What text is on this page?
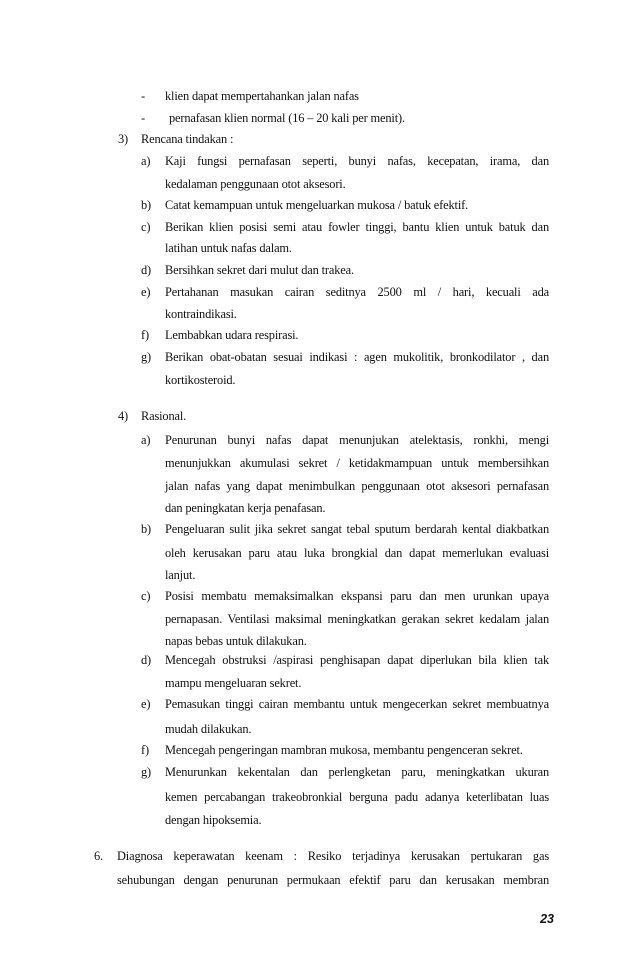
- klien dapat mempertahankan jalan nafas
- pernafasan klien normal (16 – 20 kali per menit).
3) Rencana tindakan :
a) Kaji fungsi pernafasan seperti, bunyi nafas, kecepatan, irama, dan
kedalaman penggunaan otot aksesori.
b) Catat kemampuan untuk mengeluarkan mukosa / batuk efektif.
c) Berikan klien posisi semi atau fowler tinggi, bantu klien untuk batuk dan
latihan untuk nafas dalam.
d) Bersihkan sekret dari mulut dan trakea.
e) Pertahanan masukan cairan seditnya 2500 ml / hari, kecuali ada
kontraindikasi.
f) Lembabkan udara respirasi.
g) Berikan obat-obatan sesuai indikasi : agen mukolitik, bronkodilator , dan
kortikosteroid.
4) Rasional.
a) Penurunan bunyi nafas dapat menunjukan atelektasis, ronkhi, mengi
menunjukkan akumulasi sekret / ketidakmampuan untuk membersihkan
jalan nafas yang dapat menimbulkan penggunaan otot aksesori pernafasan
dan peningkatan kerja penafasan.
b) Pengeluaran sulit jika sekret sangat tebal sputum berdarah kental diakbatkan
oleh kerusakan paru atau luka brongkial dan dapat memerlukan evaluasi
lanjut.
c) Posisi membatu memaksimalkan ekspansi paru dan men urunkan upaya
pernapasan. Ventilasi maksimal meningkatkan gerakan sekret kedalam jalan
napas bebas untuk dilakukan.
d) Mencegah obstruksi /aspirasi penghisapan dapat diperlukan bila klien tak
mampu mengeluaran sekret.
e) Pemasukan tinggi cairan membantu untuk mengecerkan sekret membuatnya
mudah dilakukan.
f) Mencegah pengeringan mambran mukosa, membantu pengenceran sekret.
g) Menurunkan kekentalan dan perlengketan paru, meningkatkan ukuran
kemen percabangan trakeobronkial berguna padu adanya keterlibatan luas
dengan hipoksemia.
6. Diagnosa keperawatan keenam : Resiko terjadinya kerusakan pertukaran gas
sehubungan dengan penurunan permukaan efektif paru dan kerusakan membran
23
